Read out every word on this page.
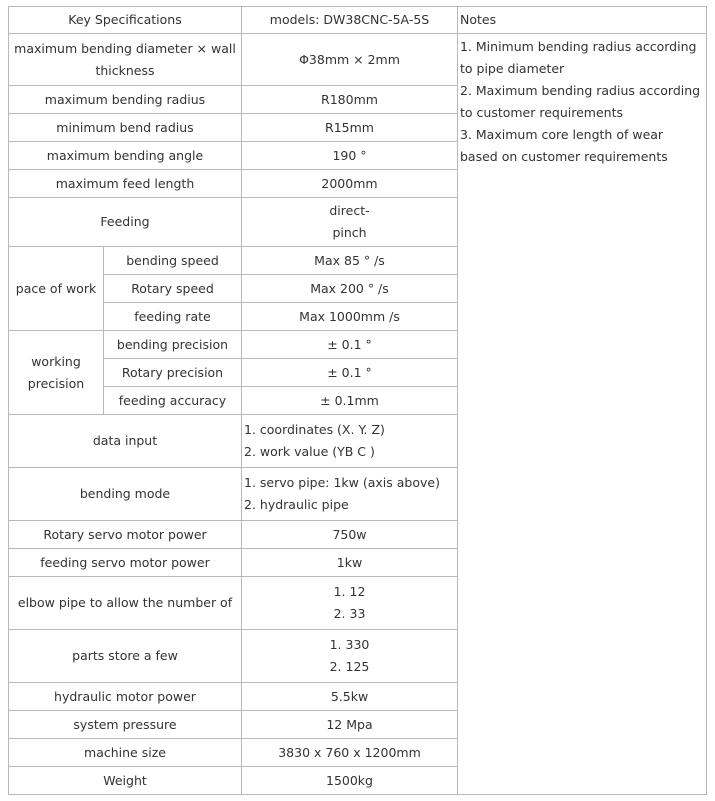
Key Specifications		models: DW38CNC-5A-5S	Notes

maximum bending diameter × wall
thickness		Φ38mm × 2mm	1. Minimum bending radius according to pipe diameter
2. Maximum bending radius according to customer requirements
3. Maximum core length of wear based on customer requirements

maximum bending radius		R180mm	
minimum bend radius		R15mm	
maximum bending angle		190 °	
maximum feed length		2000mm	
Feeding		direct-
pinch	

pace of work	bending speed	Max 85 ° /s	
	Rotary speed	Max 200 ° /s	
	feeding rate	Max 1000mm /s	

working
precision	bending precision	± 0.1 °	
	Rotary precision	± 0.1 °	
	feeding accuracy	± 0.1mm	
data input		1. coordinates (X. Y. Z)
2. work value (YB C )	

bending mode		1. servo pipe: 1kw (axis above)
2. hydraulic pipe	

Rotary servo motor power		750w	
feeding servo motor power		1kw	
elbow pipe to allow the number of		1. 12
2. 33	

parts store a few		1. 330
2. 125	

hydraulic motor power		5.5kw	
system pressure		12 Mpa	
machine size		3830 x 760 x 1200mm	
Weight		1500kg	
